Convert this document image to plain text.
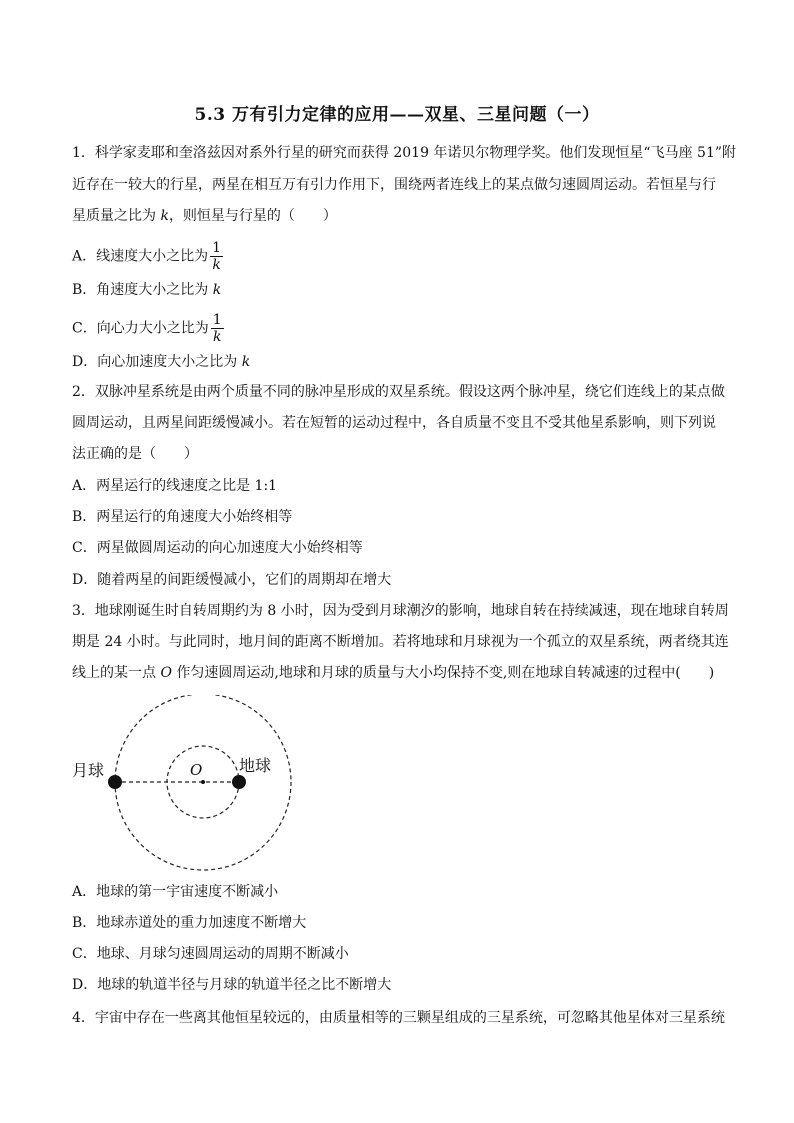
5.3 万有引力定律的应用——双星、三星问题（一）
1．科学家麦耶和奎洛兹因对系外行星的研究而获得 2019 年诺贝尔物理学奖。他们发现恒星“飞马座 51”附
近存在一较大的行星，两星在相互万有引力作用下，围绕两者连线上的某点做匀速圆周运动。若恒星与行
星质量之比为 k，则恒星与行星的（　　）
A．线速度大小之比为 $\frac{1}{k}$
B．角速度大小之比为 k
C．向心力大小之比为 $\frac{1}{k}$
D．向心加速度大小之比为 k
2．双脉冲星系统是由两个质量不同的脉冲星形成的双星系统。假设这两个脉冲星，绕它们连线上的某点做
圆周运动，且两星间距缓慢减小。若在短暂的运动过程中，各自质量不变且不受其他星系影响，则下列说
法正确的是（　　）
A．两星运行的线速度之比是 1:1
B．两星运行的角速度大小始终相等
C．两星做圆周运动的向心加速度大小始终相等
D．随着两星的间距缓慢减小，它们的周期却在增大
3．地球刚诞生时自转周期约为 8 小时，因为受到月球潮汐的影响，地球自转在持续减速，现在地球自转周
期是 24 小时。与此同时，地月间的距离不断增加。若将地球和月球视为一个孤立的双星系统，两者绕其连
线上的某一点 O 作匀速圆周运动,地球和月球的质量与大小均保持不变,则在地球自转减速的过程中(　　)
月球	地球
O
A．地球的第一宇宙速度不断减小
B．地球赤道处的重力加速度不断增大
C．地球、月球匀速圆周运动的周期不断减小
D．地球的轨道半径与月球的轨道半径之比不断增大
4．宇宙中存在一些离其他恒星较远的，由质量相等的三颗星组成的三星系统，可忽略其他星体对三星系统
